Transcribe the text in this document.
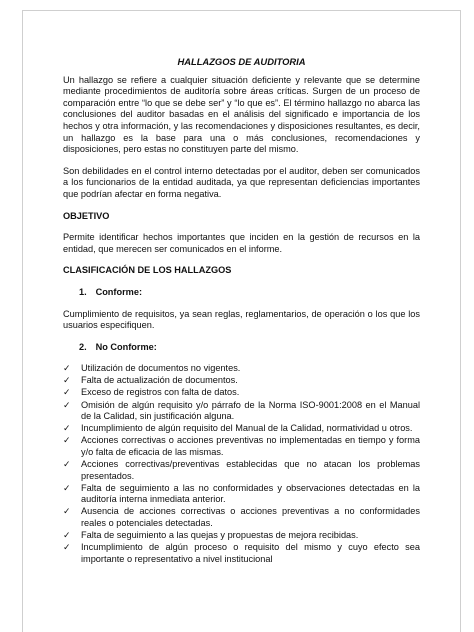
HALLAZGOS DE AUDITORIA

Un hallazgo se refiere a cualquier situación deficiente y relevante que se determine mediante procedimientos de auditoría sobre áreas críticas. Surgen de un proceso de comparación entre “lo que se debe ser” y “lo que es”. El término hallazgo no abarca las conclusiones del auditor basadas en el análisis del significado e importancia de los hechos y otra información, y las recomendaciones y disposiciones resultantes, es decir, un hallazgo es la base para una o más conclusiones, recomendaciones y disposiciones, pero estas no constituyen parte del mismo.

Son debilidades en el control interno detectadas por el auditor, deben ser comunicados a los funcionarios de la entidad auditada, ya que representan deficiencias importantes que podrían afectar en forma negativa.

OBJETIVO

Permite identificar hechos importantes que inciden en la gestión de recursos en la entidad, que merecen ser comunicados en el informe.

CLASIFICACIÓN DE LOS HALLAZGOS
1. Conforme:

Cumplimiento de requisitos, ya sean reglas, reglamentarios, de operación o los que los usuarios especifiquen.

2. No Conforme:
✓	Utilización de documentos no vigentes.
✓	Falta de actualización de documentos.
✓	Exceso de registros con falta de datos.
✓	Omisión de algún requisito y/o párrafo de la Norma ISO-9001:2008 en el Manual de la Calidad, sin justificación alguna.
✓	Incumplimiento de algún requisito del Manual de la Calidad, normatividad u otros.
✓	Acciones correctivas o acciones preventivas no implementadas en tiempo y forma y/o falta de eficacia de las mismas.
✓	Acciones correctivas/preventivas establecidas que no atacan los problemas presentados.
✓	Falta de seguimiento a las no conformidades y observaciones detectadas en la auditoría interna inmediata anterior.
✓	Ausencia de acciones correctivas o acciones preventivas a no conformidades reales o potenciales detectadas.
✓	Falta de seguimiento a las quejas y propuestas de mejora recibidas.
✓	Incumplimiento de algún proceso o requisito del mismo y cuyo efecto sea importante o representativo a nivel institucional
